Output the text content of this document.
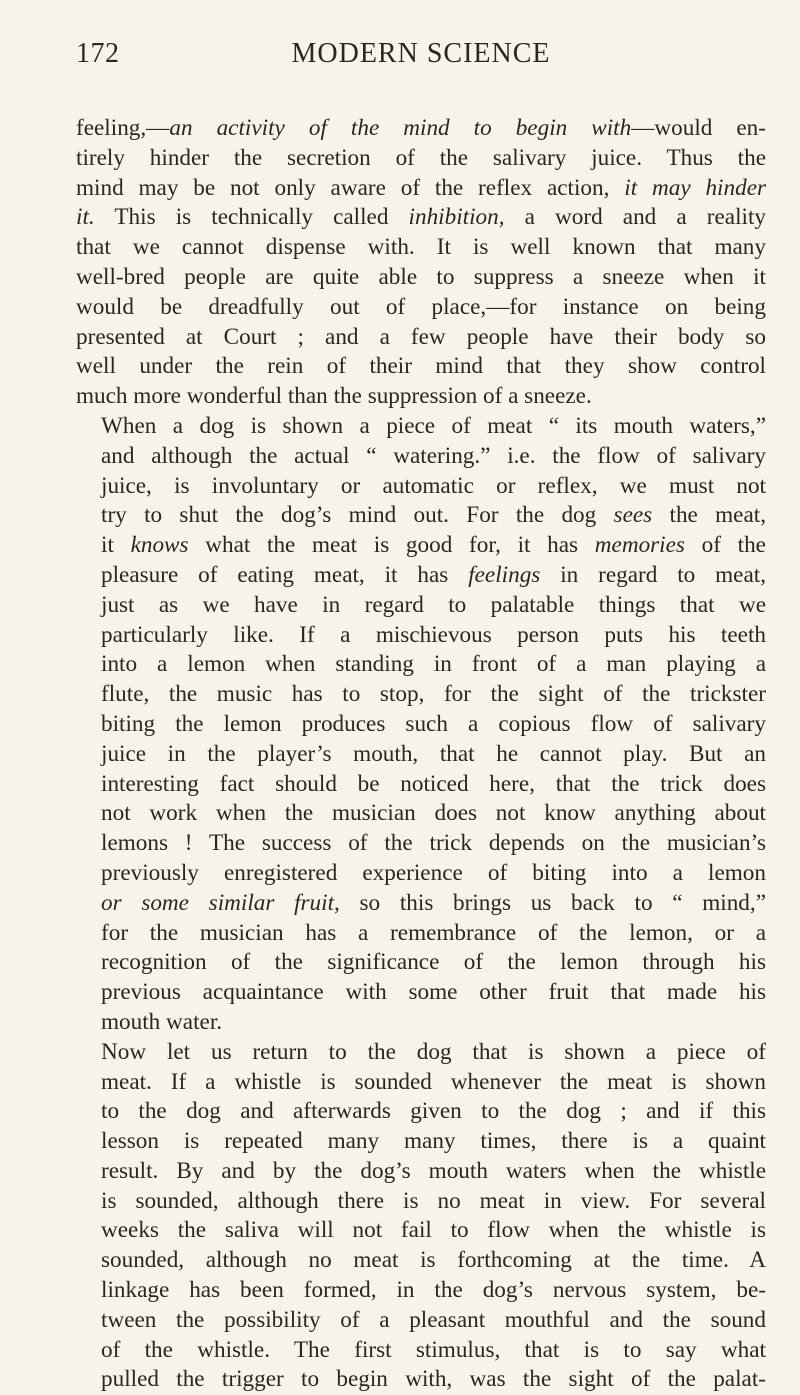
172	MODERN SCIENCE

feeling,—an activity of the mind to begin with—would en-
tirely hinder the secretion of the salivary juice. Thus the
mind may be not only aware of the reflex action, it may hinder
it. This is technically called inhibition, a word and a reality
that we cannot dispense with. It is well known that many
well-bred people are quite able to suppress a sneeze when it
would be dreadfully out of place,—for instance on being
presented at Court ; and a few people have their body so
well under the rein of their mind that they show control
much more wonderful than the suppression of a sneeze.

When a dog is shown a piece of meat “ its mouth waters,”
and although the actual “ watering.” i.e. the flow of salivary
juice, is involuntary or automatic or reflex, we must not
try to shut the dog’s mind out. For the dog sees the meat,
it knows what the meat is good for, it has memories of the
pleasure of eating meat, it has feelings in regard to meat,
just as we have in regard to palatable things that we
particularly like. If a mischievous person puts his teeth
into a lemon when standing in front of a man playing a
flute, the music has to stop, for the sight of the trickster
biting the lemon produces such a copious flow of salivary
juice in the player’s mouth, that he cannot play. But an
interesting fact should be noticed here, that the trick does
not work when the musician does not know anything about
lemons ! The success of the trick depends on the musician’s
previously enregistered experience of biting into a lemon
or some similar fruit, so this brings us back to “ mind,”
for the musician has a remembrance of the lemon, or a
recognition of the significance of the lemon through his
previous acquaintance with some other fruit that made his
mouth water.

Now let us return to the dog that is shown a piece of
meat. If a whistle is sounded whenever the meat is shown
to the dog and afterwards given to the dog ; and if this
lesson is repeated many many times, there is a quaint
result. By and by the dog’s mouth waters when the whistle
is sounded, although there is no meat in view. For several
weeks the saliva will not fail to flow when the whistle is
sounded, although no meat is forthcoming at the time. A
linkage has been formed, in the dog’s nervous system, be-
tween the possibility of a pleasant mouthful and the sound
of the whistle. The first stimulus, that is to say what
pulled the trigger to begin with, was the sight of the palat-
